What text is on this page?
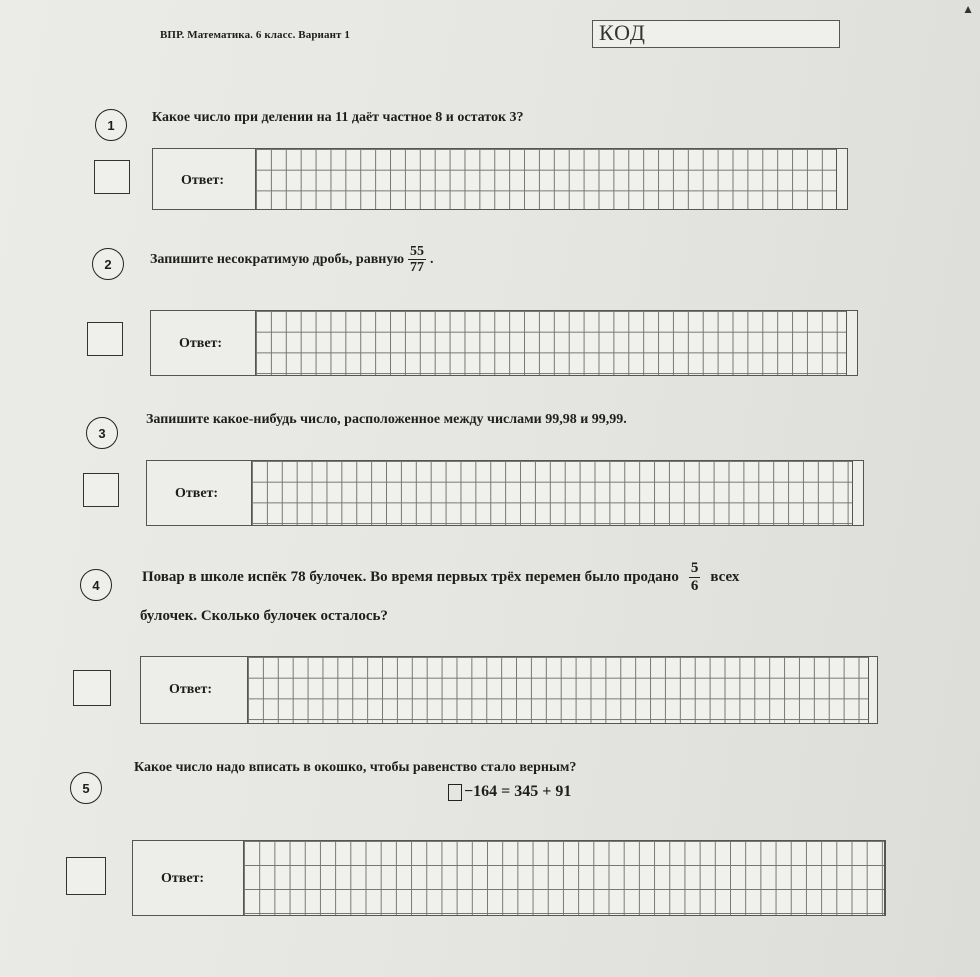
ВПР. Математика. 6 класс. Вариант 1	КОД
▲
1	Какое число при делении на 11 даёт частное 8 и остаток 3?
Ответ:
2	Запишите несократимую дробь, равную $\frac{55}{77}$ .
Ответ:
3
Запишите какое-нибудь число, расположенное между числами 99,98 и 99,99.
Ответ:
4
Повар в школе испёк 78 булочек. Во время первых трёх перемен было продано $\frac{5}{6}$ всех
булочек. Сколько булочек осталось?
Ответ:
5
Какое число надо вписать в окошко, чтобы равенство стало верным?
−164 = 345 + 91
Ответ:
